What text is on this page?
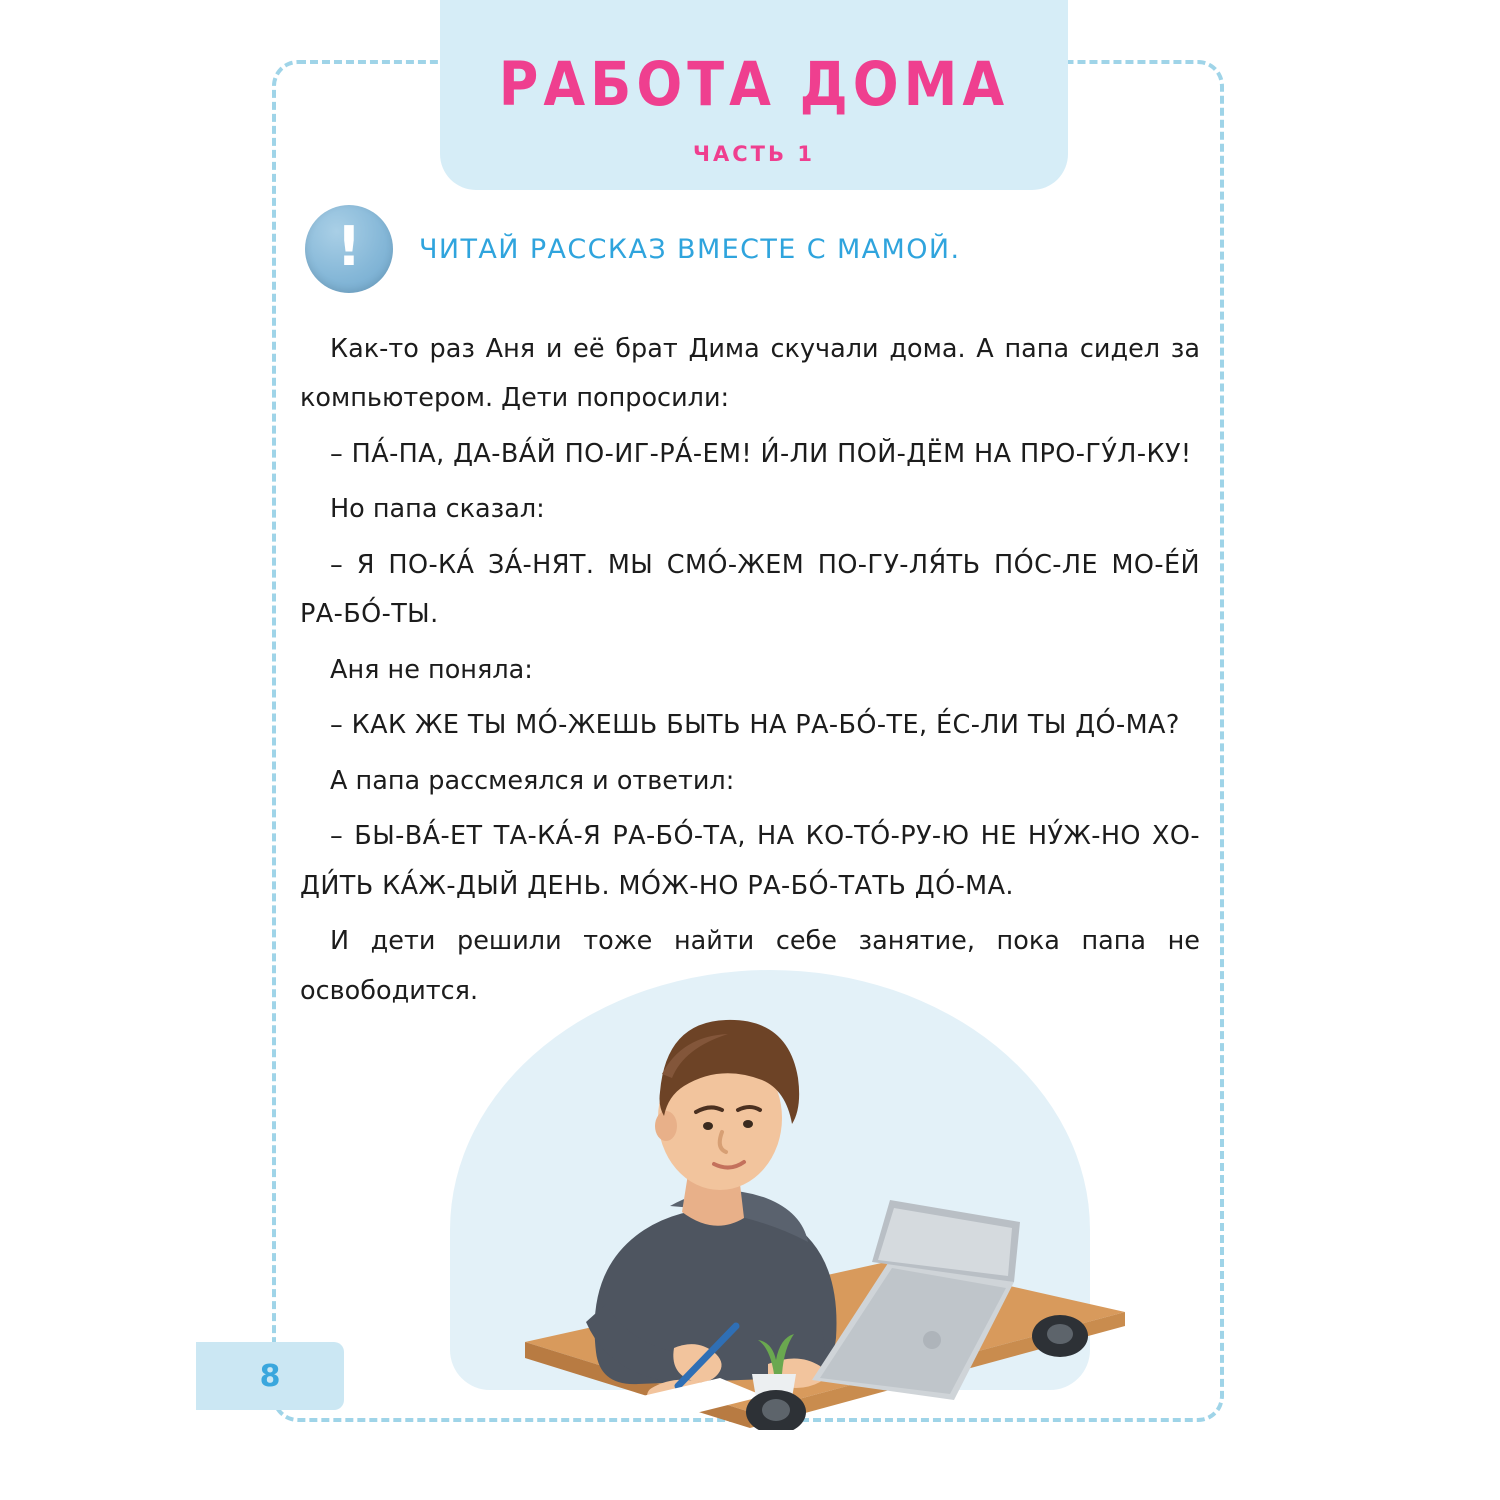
РАБОТА ДОМА
ЧАСТЬ 1
! ЧИТАЙ РАССКАЗ ВМЕСТЕ С МАМОЙ.

Как-то раз Аня и её брат Дима скучали дома. А папа сидел за компьютером. Дети попросили:

– ПА́-ПА, ДА-ВА́Й ПО-ИГ-РА́-ЕМ! И́-ЛИ ПОЙ-ДЁМ НА ПРО-ГУ́Л-КУ!

Но папа сказал:

– Я ПО-КА́ ЗА́-НЯТ. МЫ СМО́-ЖЕМ ПО-ГУ-ЛЯ́ТЬ ПО́С-ЛЕ МО-Е́Й РА-БО́-ТЫ.

Аня не поняла:

– КАК ЖЕ ТЫ МО́-ЖЕШЬ БЫТЬ НА РА-БО́-ТЕ, Е́С-ЛИ ТЫ ДО́-МА?

А папа рассмеялся и ответил:

– БЫ-ВА́-ЕТ ТА-КА́-Я РА-БО́-ТА, НА КО-ТО́-РУ-Ю НЕ НУ́Ж-НО ХО-ДИ́ТЬ КА́Ж-ДЫЙ ДЕНЬ. МО́Ж-НО РА-БО́-ТАТЬ ДО́-МА.

И дети решили тоже найти себе занятие, пока папа не освободится.

8
